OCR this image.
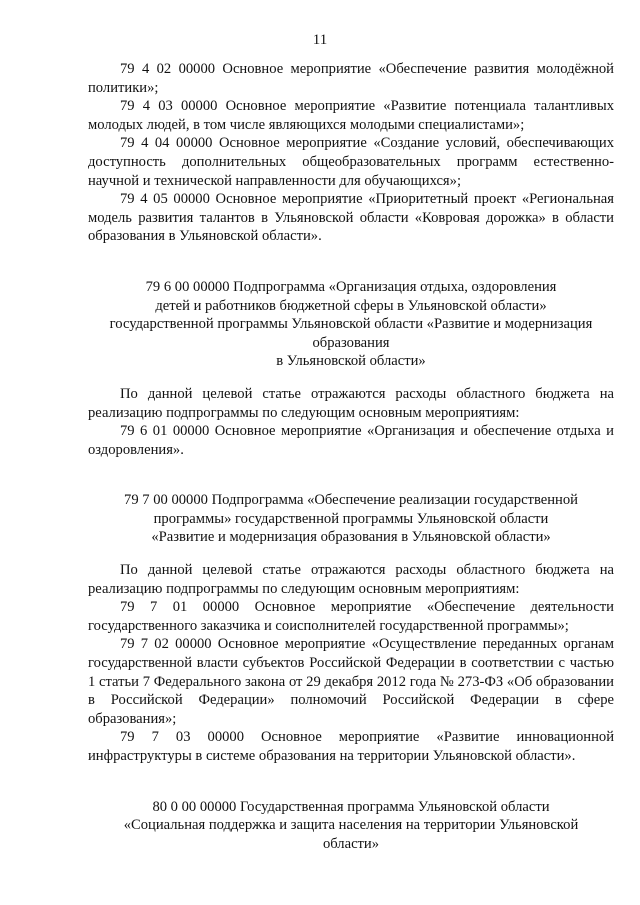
11

79 4 02 00000 Основное мероприятие «Обеспечение развития молодёжной политики»;

79 4 03 00000 Основное мероприятие «Развитие потенциала талантливых молодых людей, в том числе являющихся молодыми специалистами»;

79 4 04 00000 Основное мероприятие «Создание условий, обеспечивающих доступность дополнительных общеобразовательных программ естественно-научной и технической направленности для обучающихся»;

79 4 05 00000 Основное мероприятие «Приоритетный проект «Региональная модель развития талантов в Ульяновской области «Ковровая дорожка» в области образования в Ульяновской области».

79 6 00 00000 Подпрограмма «Организация отдыха, оздоровления
детей и работников бюджетной сферы в Ульяновской области»
государственной программы Ульяновской области «Развитие и модернизация
образования
в Ульяновской области»

По данной целевой статье отражаются расходы областного бюджета на реализацию подпрограммы по следующим основным мероприятиям:

79 6 01 00000 Основное мероприятие «Организация и обеспечение отдыха и оздоровления».

79 7 00 00000 Подпрограмма «Обеспечение реализации государственной
программы» государственной программы Ульяновской области
«Развитие и модернизация образования в Ульяновской области»

По данной целевой статье отражаются расходы областного бюджета на реализацию подпрограммы по следующим основным мероприятиям:

79 7 01 00000 Основное мероприятие «Обеспечение деятельности государственного заказчика и соисполнителей государственной программы»;

79 7 02 00000 Основное мероприятие «Осуществление переданных органам государственной власти субъектов Российской Федерации в соответствии с частью 1 статьи 7 Федерального закона от 29 декабря 2012 года № 273-ФЗ «Об образовании в Российской Федерации» полномочий Российской Федерации в сфере образования»;

79 7 03 00000 Основное мероприятие «Развитие инновационной инфраструктуры в системе образования на территории Ульяновской области».

80 0 00 00000 Государственная программа Ульяновской области
«Социальная поддержка и защита населения на территории Ульяновской
области»
